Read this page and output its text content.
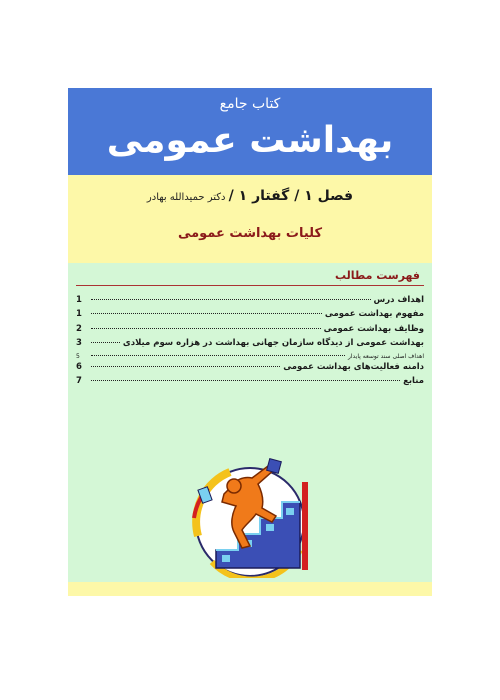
کتاب جامع
بهداشت عمومی
فصل ۱ / گفتار ۱ / دکتر حمیدالله بهادر
کلیات بهداشت عمومی
فهرست مطالب
اهداف درس
1
مفهوم بهداشت عمومی
1
وظایف بهداشت عمومی
2
بهداشت عمومی از دیدگاه سازمان جهانی بهداشت در هزاره سوم میلادی
3
اهداف اصلی سند توسعه پایدار
5
دامنه فعالیت‌های بهداشت عمومی
6
منابع
7
